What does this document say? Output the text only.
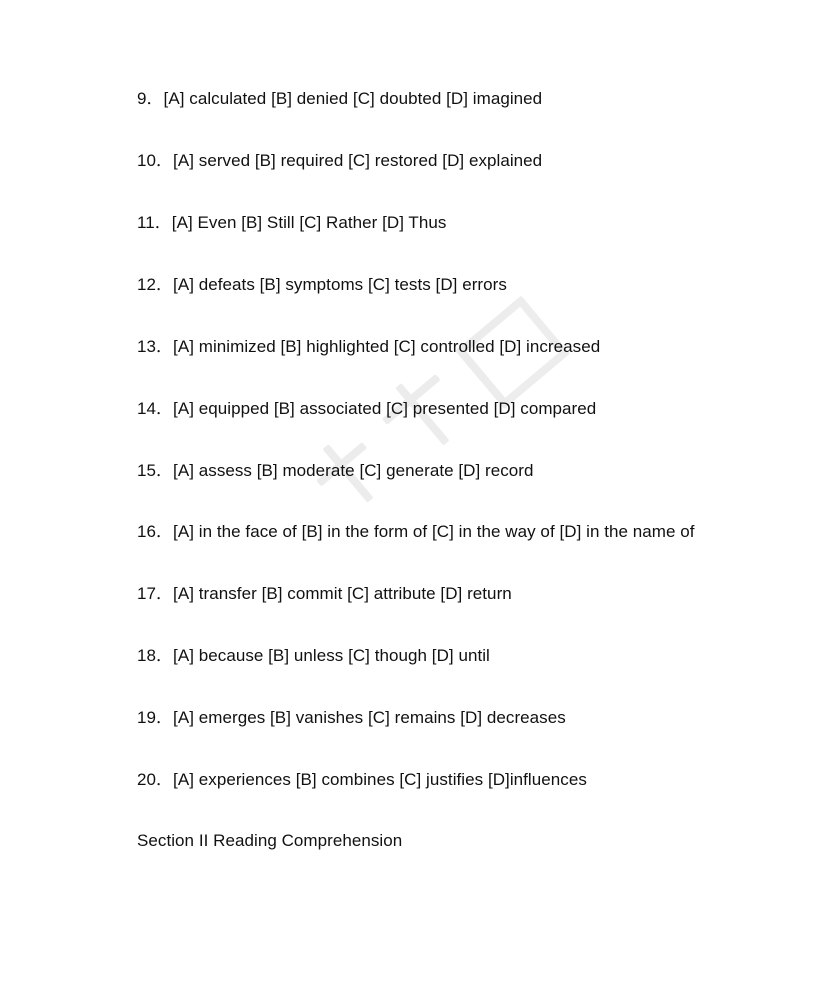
9．[A] calculated [B] denied [C] doubted [D] imagined
10．[A] served [B] required [C] restored [D] explained
11．[A] Even [B] Still [C] Rather [D] Thus
12．[A] defeats [B] symptoms [C] tests [D] errors
13．[A] minimized [B] highlighted [C] controlled [D] increased
14．[A] equipped [B] associated [C] presented [D] compared
15．[A] assess [B] moderate [C] generate [D] record
16．[A] in the face of [B] in the form of [C] in the way of [D] in the name of
17．[A] transfer [B] commit [C] attribute [D] return
18．[A] because [B] unless [C] though [D] until
19．[A] emerges [B] vanishes [C] remains [D] decreases
20．[A] experiences [B] combines [C] justifies [D]influences
Section II Reading Comprehension
